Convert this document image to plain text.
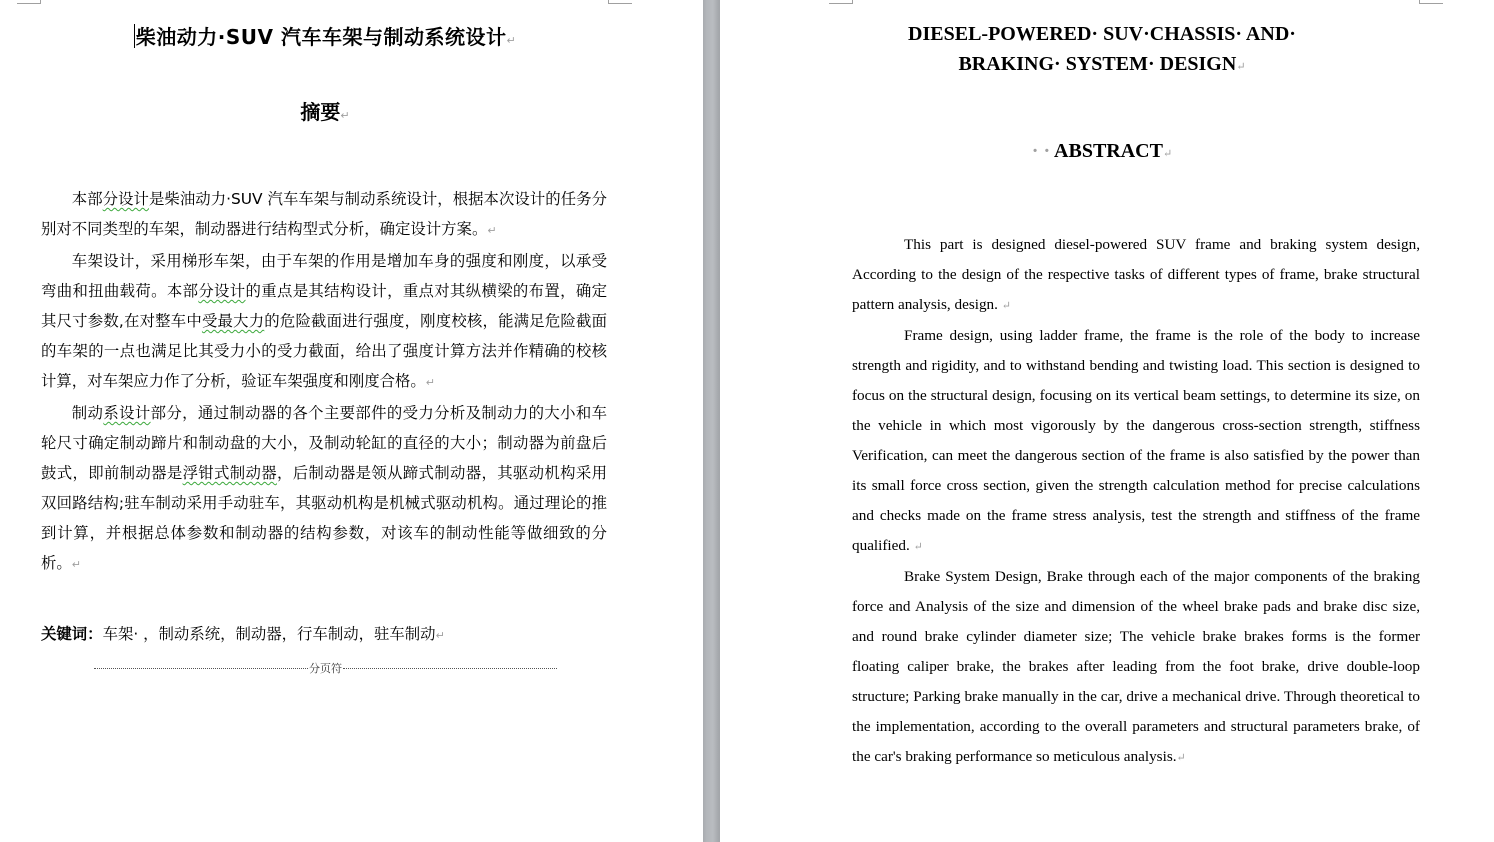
柴油动力·SUV 汽车车架与制动系统设计↵
摘要↵

本部分设计是柴油动力·SUV 汽车车架与制动系统设计，根据本次设计的任务分别对不同类型的车架，制动器进行结构型式分析，确定设计方案。↵

车架设计，采用梯形车架，由于车架的作用是增加车身的强度和刚度，以承受弯曲和扭曲载荷。本部分设计的重点是其结构设计，重点对其纵横梁的布置，确定其尺寸参数,在对整车中受最大力的危险截面进行强度，刚度校核，能满足危险截面的车架的一点也满足比其受力小的受力截面，给出了强度计算方法并作精确的校核计算，对车架应力作了分析，验证车架强度和刚度合格。↵

制动系设计部分，通过制动器的各个主要部件的受力分析及制动力的大小和车轮尺寸确定制动蹄片和制动盘的大小，及制动轮缸的直径的大小；制动器为前盘后鼓式，即前制动器是浮钳式制动器，后制动器是领从蹄式制动器，其驱动机构采用双回路结构;驻车制动采用手动驻车，其驱动机构是机械式驱动机构。通过理论的推到计算，并根据总体参数和制动器的结构参数，对该车的制动性能等做细致的分析。↵

关键词：车架· ，制动系统，制动器，行车制动，驻车制动↵
分页符
DIESEL-POWERED· SUV·CHASSIS· AND·
BRAKING· SYSTEM· DESIGN↵
· · ABSTRACT↵

This part is designed diesel-powered SUV frame and braking system design, According to the design of the respective tasks of different types of frame, brake structural pattern analysis, design. ↵

Frame design, using ladder frame, the frame is the role of the body to increase strength and rigidity, and to withstand bending and twisting load. This section is designed to focus on the structural design, focusing on its vertical beam settings, to determine its size, on the vehicle in which most vigorously by the dangerous cross-section strength, stiffness Verification, can meet the dangerous section of the frame is also satisfied by the power than its small force cross section, given the strength calculation method for precise calculations and checks made on the frame stress analysis, test the strength and stiffness of the frame qualified. ↵

Brake System Design, Brake through each of the major components of the braking force and Analysis of the size and dimension of the wheel brake pads and brake disc size, and round brake cylinder diameter size; The vehicle brake brakes forms is the former floating caliper brake, the brakes after leading from the foot brake, drive double-loop structure; Parking brake manually in the car, drive a mechanical drive. Through theoretical to the implementation, according to the overall parameters and structural parameters brake, of the car's braking performance so meticulous analysis.↵
